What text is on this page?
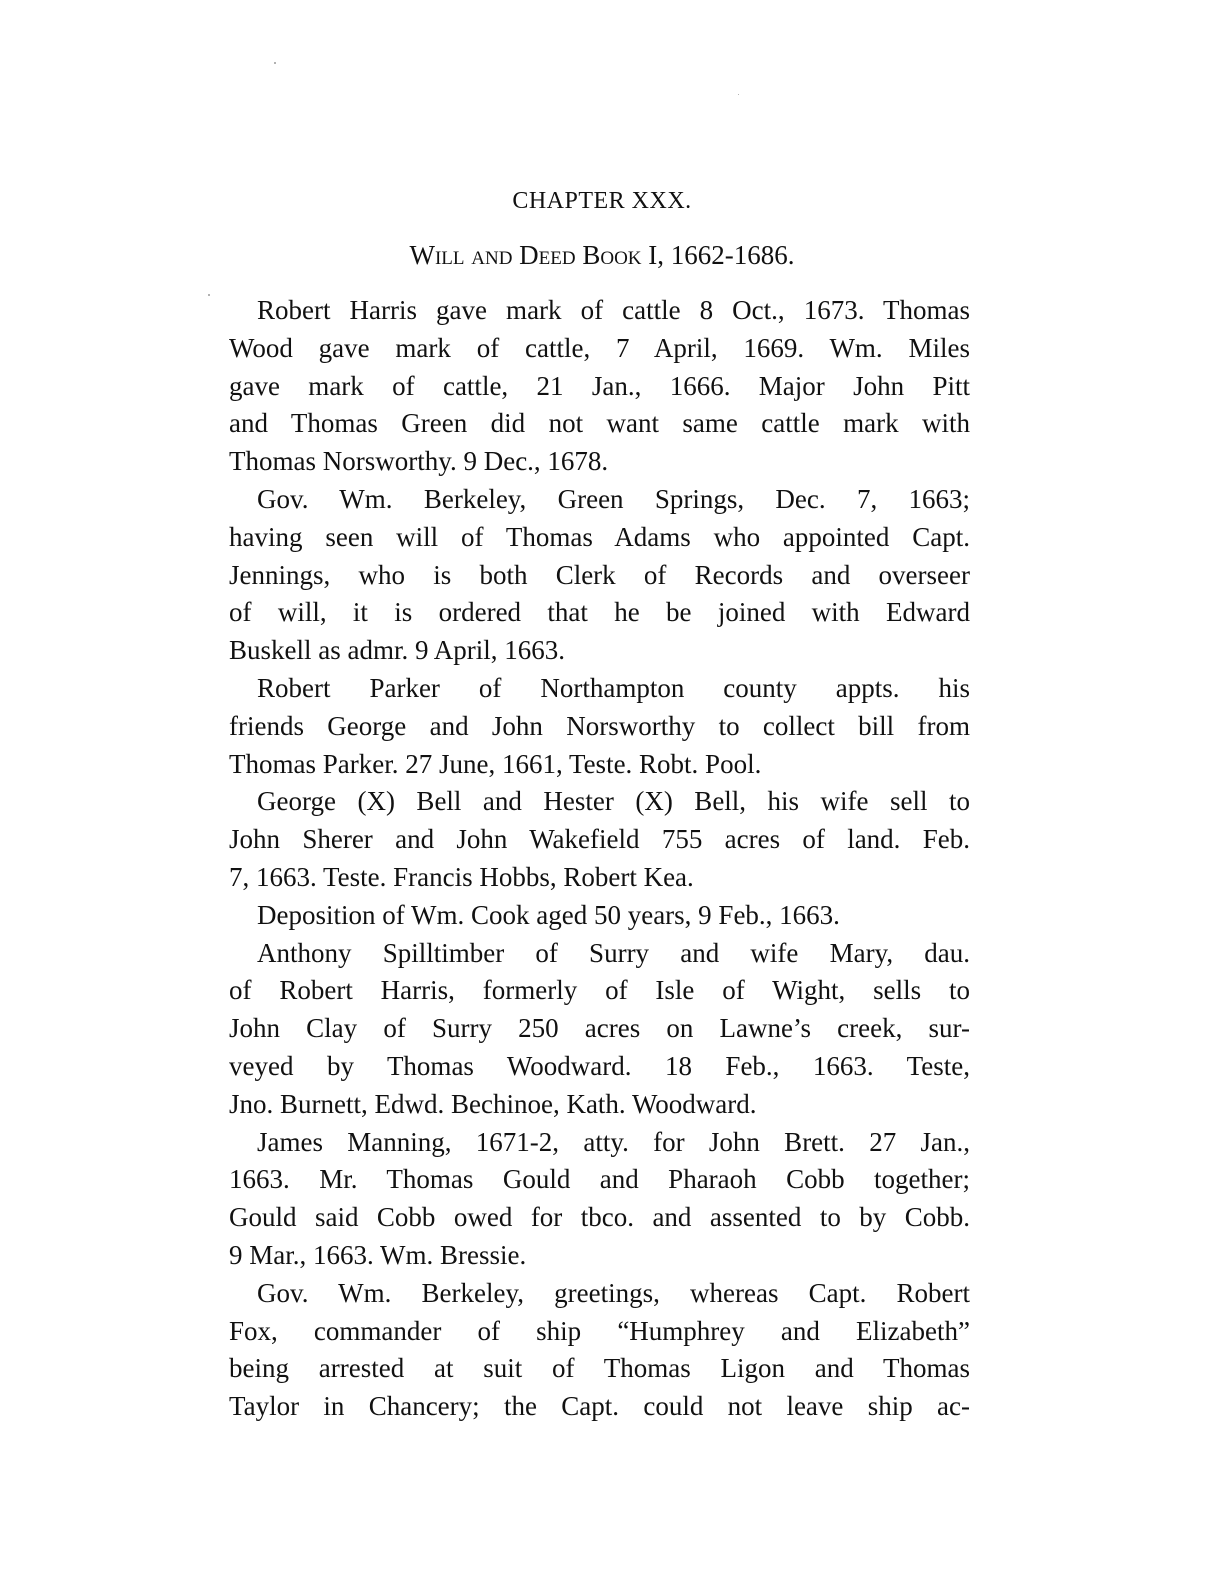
CHAPTER XXX.
Will and Deed Book I, 1662-1686.
Robert Harris gave mark of cattle 8 Oct., 1673. Thomas
Wood gave mark of cattle, 7 April, 1669. Wm. Miles
gave mark of cattle, 21 Jan., 1666. Major John Pitt
and Thomas Green did not want same cattle mark with
Thomas Norsworthy. 9 Dec., 1678.
Gov. Wm. Berkeley, Green Springs, Dec. 7, 1663;
having seen will of Thomas Adams who appointed Capt.
Jennings, who is both Clerk of Records and overseer
of will, it is ordered that he be joined with Edward
Buskell as admr. 9 April, 1663.
Robert Parker of Northampton county appts. his
friends George and John Norsworthy to collect bill from
Thomas Parker. 27 June, 1661, Teste. Robt. Pool.
George (X) Bell and Hester (X) Bell, his wife sell to
John Sherer and John Wakefield 755 acres of land. Feb.
7, 1663. Teste. Francis Hobbs, Robert Kea.
Deposition of Wm. Cook aged 50 years, 9 Feb., 1663.
Anthony Spilltimber of Surry and wife Mary, dau.
of Robert Harris, formerly of Isle of Wight, sells to
John Clay of Surry 250 acres on Lawne’s creek, sur-
veyed by Thomas Woodward. 18 Feb., 1663. Teste,
Jno. Burnett, Edwd. Bechinoe, Kath. Woodward.
James Manning, 1671-2, atty. for John Brett. 27 Jan.,
1663. Mr. Thomas Gould and Pharaoh Cobb together;
Gould said Cobb owed for tbco. and assented to by Cobb.
9 Mar., 1663. Wm. Bressie.
Gov. Wm. Berkeley, greetings, whereas Capt. Robert
Fox, commander of ship “Humphrey and Elizabeth”
being arrested at suit of Thomas Ligon and Thomas
Taylor in Chancery; the Capt. could not leave ship ac-
